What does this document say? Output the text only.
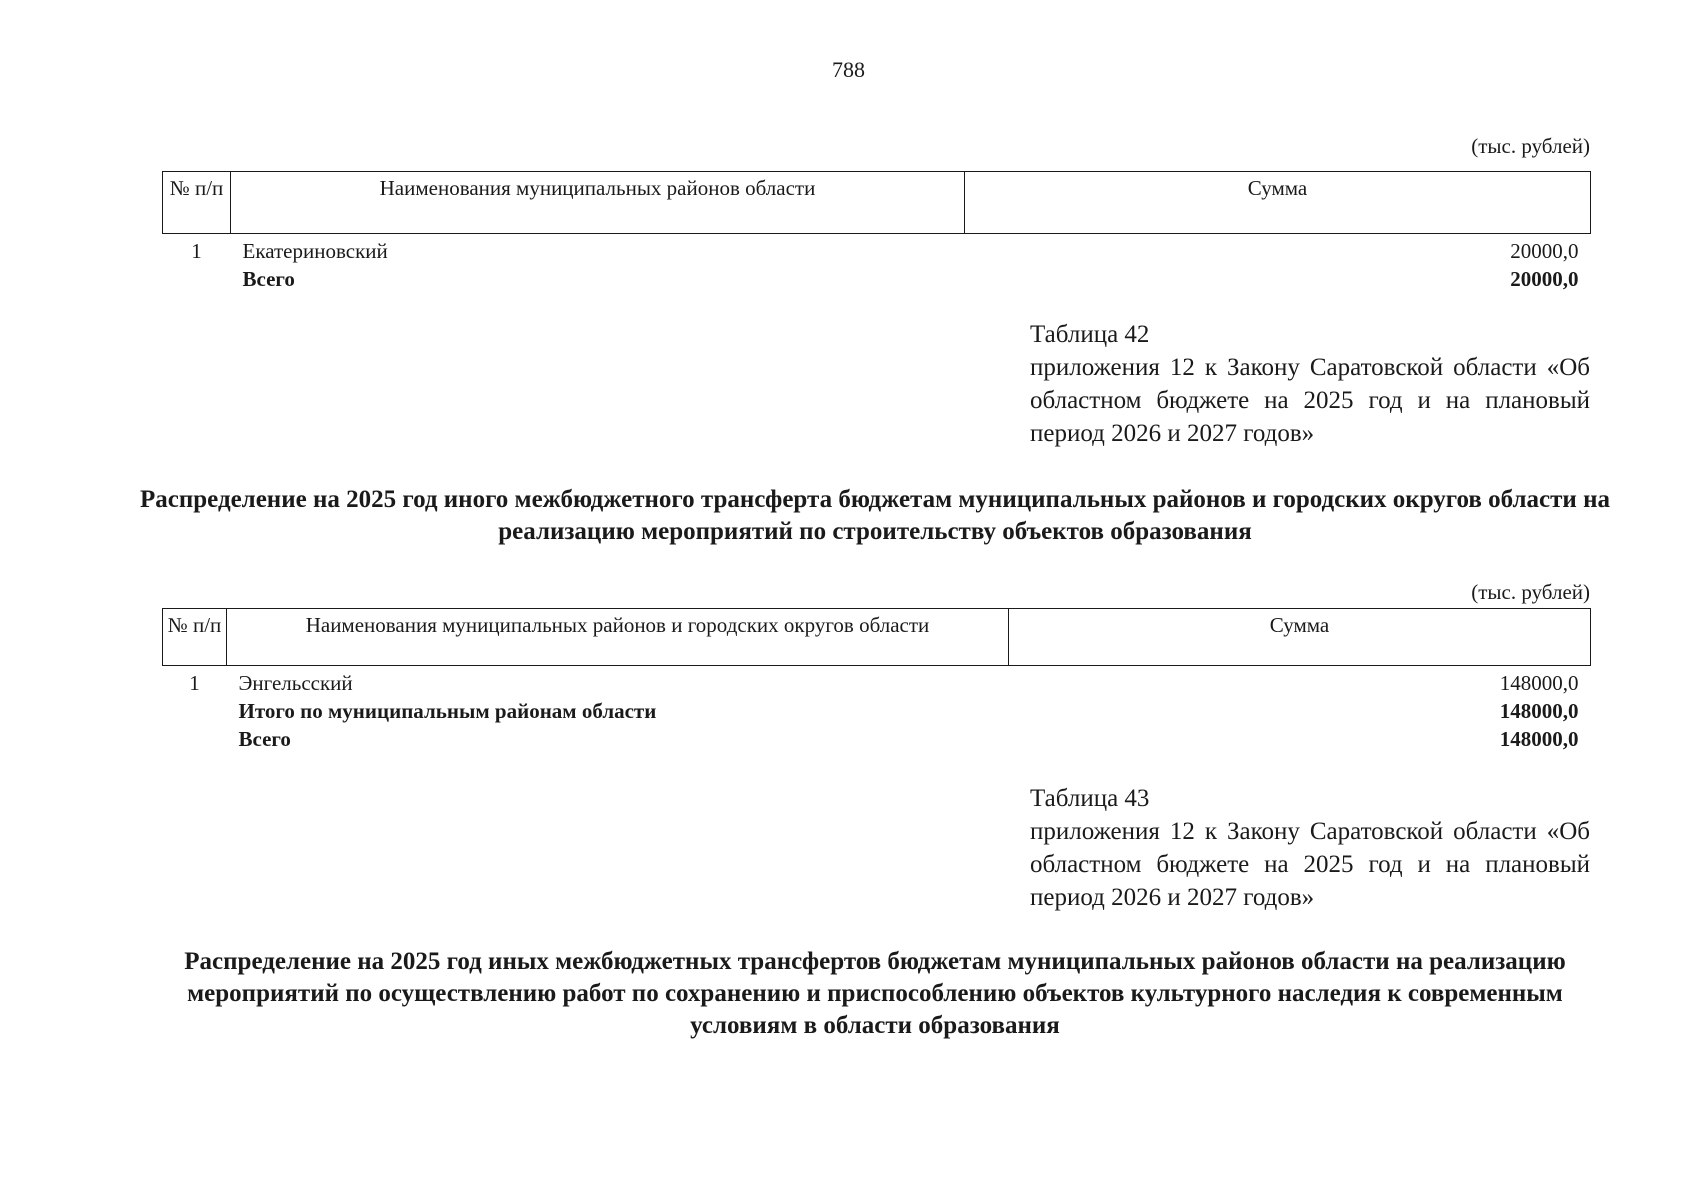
788
(тыс. рублей)
№ п/п	Наименования муниципальных районов области	Сумма
1	Екатериновский	20000,0
	Всего	20000,0
Таблица 42
приложения 12 к Закону Саратовской области «Об областном бюджете на 2025 год и на плановый период 2026 и 2027 годов»
Распределение на 2025 год иного межбюджетного трансферта бюджетам муниципальных районов и городских округов области на реализацию мероприятий по строительству объектов образования
(тыс. рублей)
№ п/п	Наименования муниципальных районов и городских округов области	Сумма
1	Энгельсский	148000,0
	Итого по муниципальным районам области	148000,0
	Всего	148000,0
Таблица 43
приложения 12 к Закону Саратовской области «Об областном бюджете на 2025 год и на плановый период 2026 и 2027 годов»
Распределение на 2025 год иных межбюджетных трансфертов бюджетам муниципальных районов области на реализацию мероприятий по осуществлению работ по сохранению и приспособлению объектов культурного наследия к современным условиям в области образования
